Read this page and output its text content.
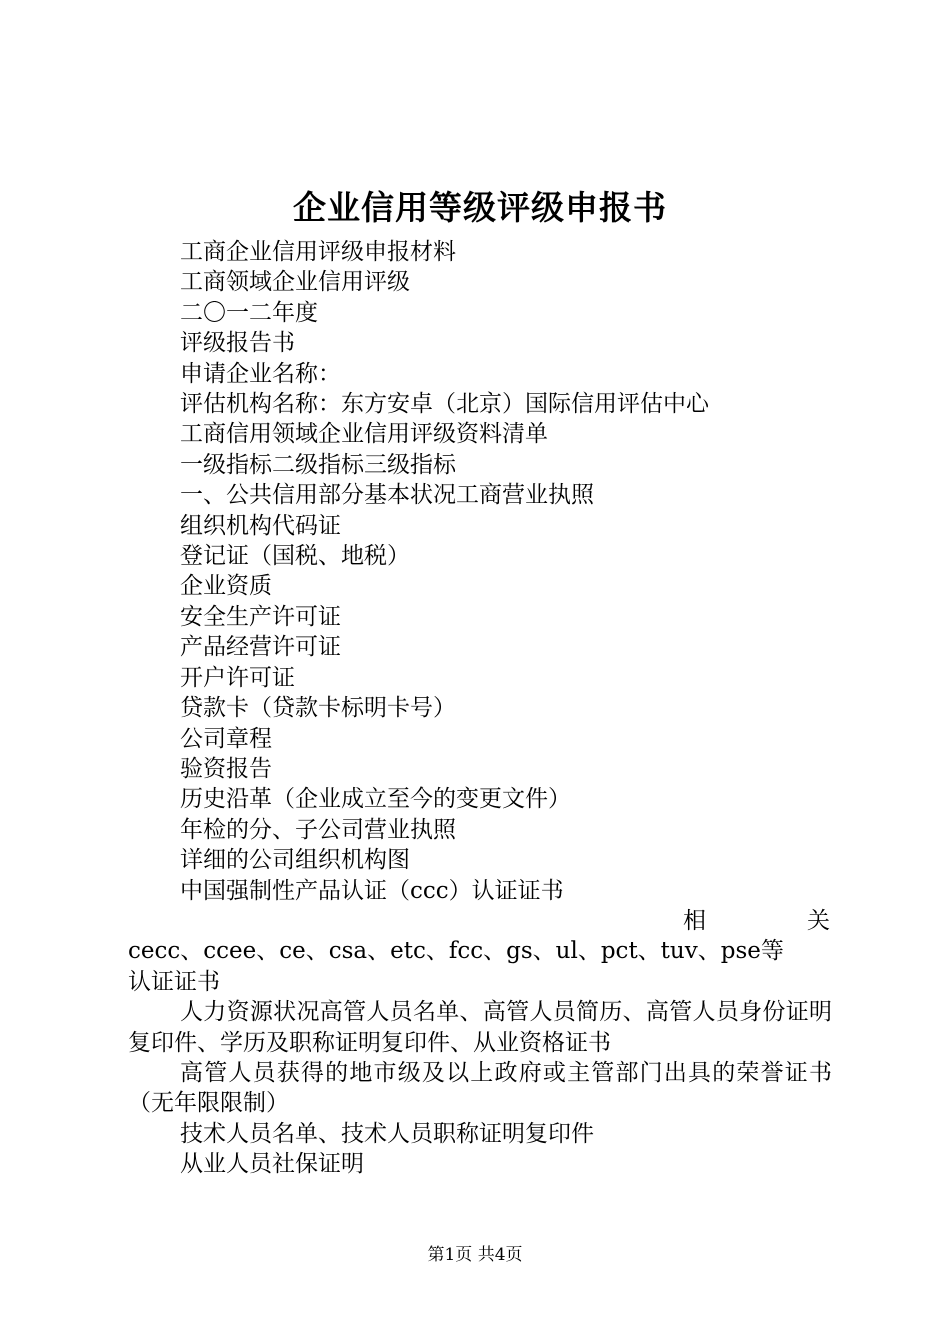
企业信用等级评级申报书
工商企业信用评级申报材料
工商领域企业信用评级
二〇一二年度
评级报告书
申请企业名称：
评估机构名称：东方安卓（北京）国际信用评估中心
工商信用领域企业信用评级资料清单
一级指标二级指标三级指标
一、公共信用部分基本状况工商营业执照
组织机构代码证
登记证（国税、地税）
企业资质
安全生产许可证
产品经营许可证
开户许可证
贷款卡（贷款卡标明卡号）
公司章程
验资报告
历史沿革（企业成立至今的变更文件）
年检的分、子公司营业执照
详细的公司组织机构图
中国强制性产品认证（ccc）认证证书
相	关
cecc、ccee、ce、csa、etc、fcc、gs、ul、pct、tuv、pse等
认证证书

人力资源状况高管人员名单、高管人员简历、高管人员身份证明复印件、学历及职称证明复印件、从业资格证书

高管人员获得的地市级及以上政府或主管部门出具的荣誉证书（无年限限制）

技术人员名单、技术人员职称证明复印件
从业人员社保证明
第1页 共4页
